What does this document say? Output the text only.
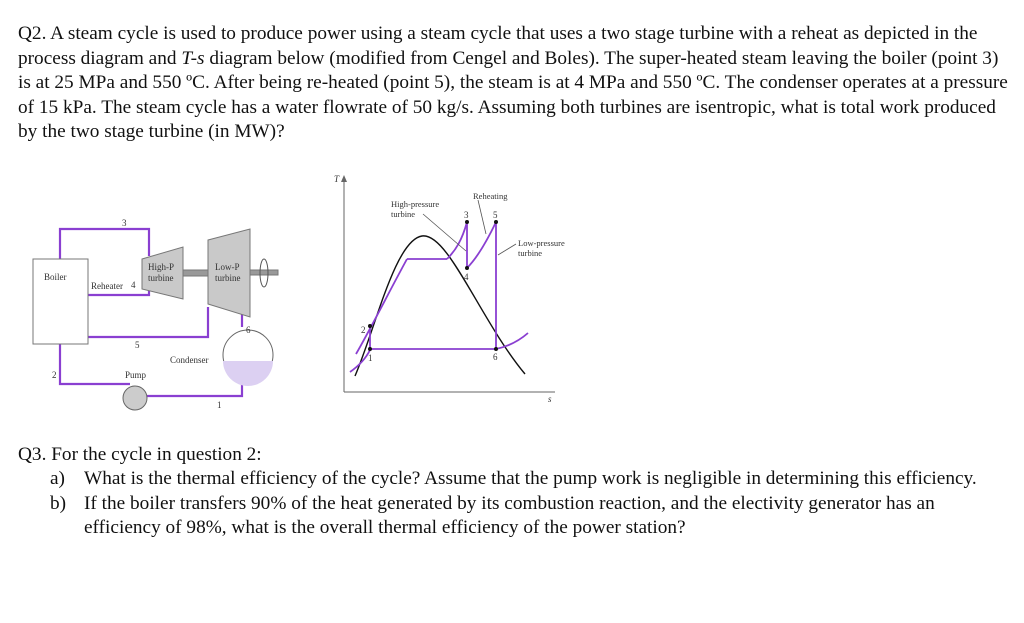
Q2. A steam cycle is used to produce power using a steam cycle that uses a two stage turbine with a reheat as depicted in the process diagram and T-s diagram below (modified from Cengel and Boles). The super-heated steam leaving the boiler (point 3) is at 25 MPa and 550 ºC. After being re-heated (point 5), the steam is at 4 MPa and 550 ºC. The condenser operates at a pressure of 15 kPa. The steam cycle has a water flowrate of 50 kg/s. Assuming both turbines are isentropic, what is total work produced by the two stage turbine (in MW)?
Boiler
Reheater
High-P
turbine
Low-P
turbine
Condenser
Pump
1
2
3
4
5
6
T
s
1
2
3
4
5
6
High-pressure
turbine
Reheating
Low-pressure
turbine
Q3. For the cycle in question 2:
a) What is the thermal efficiency of the cycle? Assume that the pump work is negligible in determining this efficiency.
b) If the boiler transfers 90% of the heat generated by its combustion reaction, and the electivity generator has an efficiency of 98%, what is the overall thermal efficiency of the power station?
